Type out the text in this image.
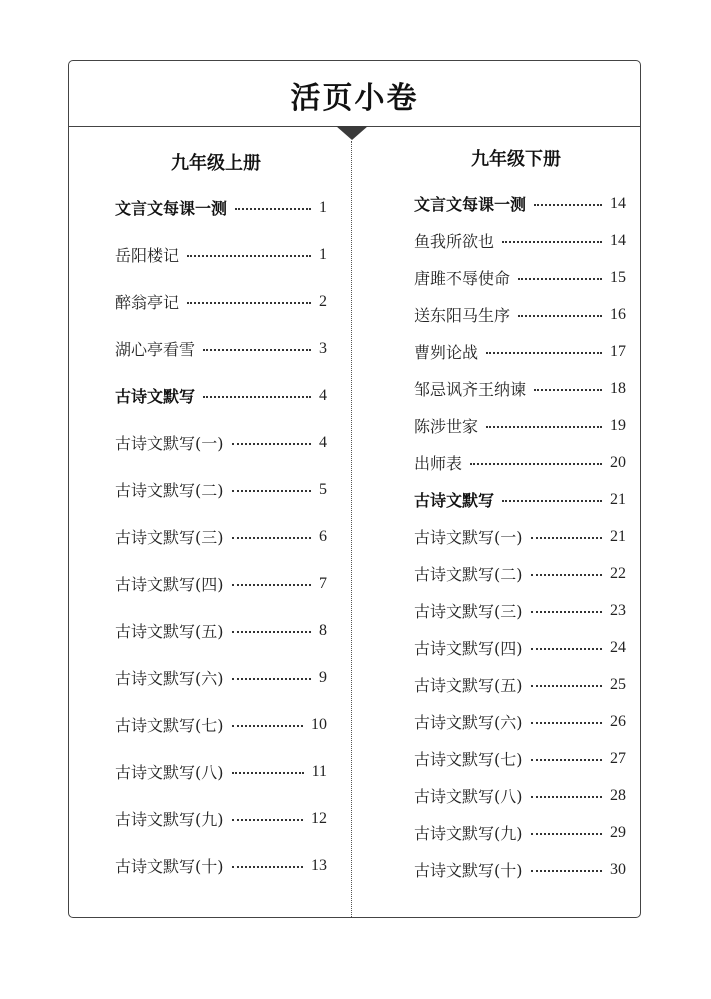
活页小卷
九年级上册	九年级下册
文言文每课一测	1
岳阳楼记	1
醉翁亭记	2
湖心亭看雪	3
古诗文默写	4
古诗文默写(一)	4
古诗文默写(二)	5
古诗文默写(三)	6
古诗文默写(四)	7
古诗文默写(五)	8
古诗文默写(六)	9
古诗文默写(七)	10
古诗文默写(八)	11
古诗文默写(九)	12
古诗文默写(十)	13
文言文每课一测	14
鱼我所欲也	14
唐雎不辱使命	15
送东阳马生序	16
曹刿论战	17
邹忌讽齐王纳谏	18
陈涉世家	19
出师表	20
古诗文默写	21
古诗文默写(一)	21
古诗文默写(二)	22
古诗文默写(三)	23
古诗文默写(四)	24
古诗文默写(五)	25
古诗文默写(六)	26
古诗文默写(七)	27
古诗文默写(八)	28
古诗文默写(九)	29
古诗文默写(十)	30
